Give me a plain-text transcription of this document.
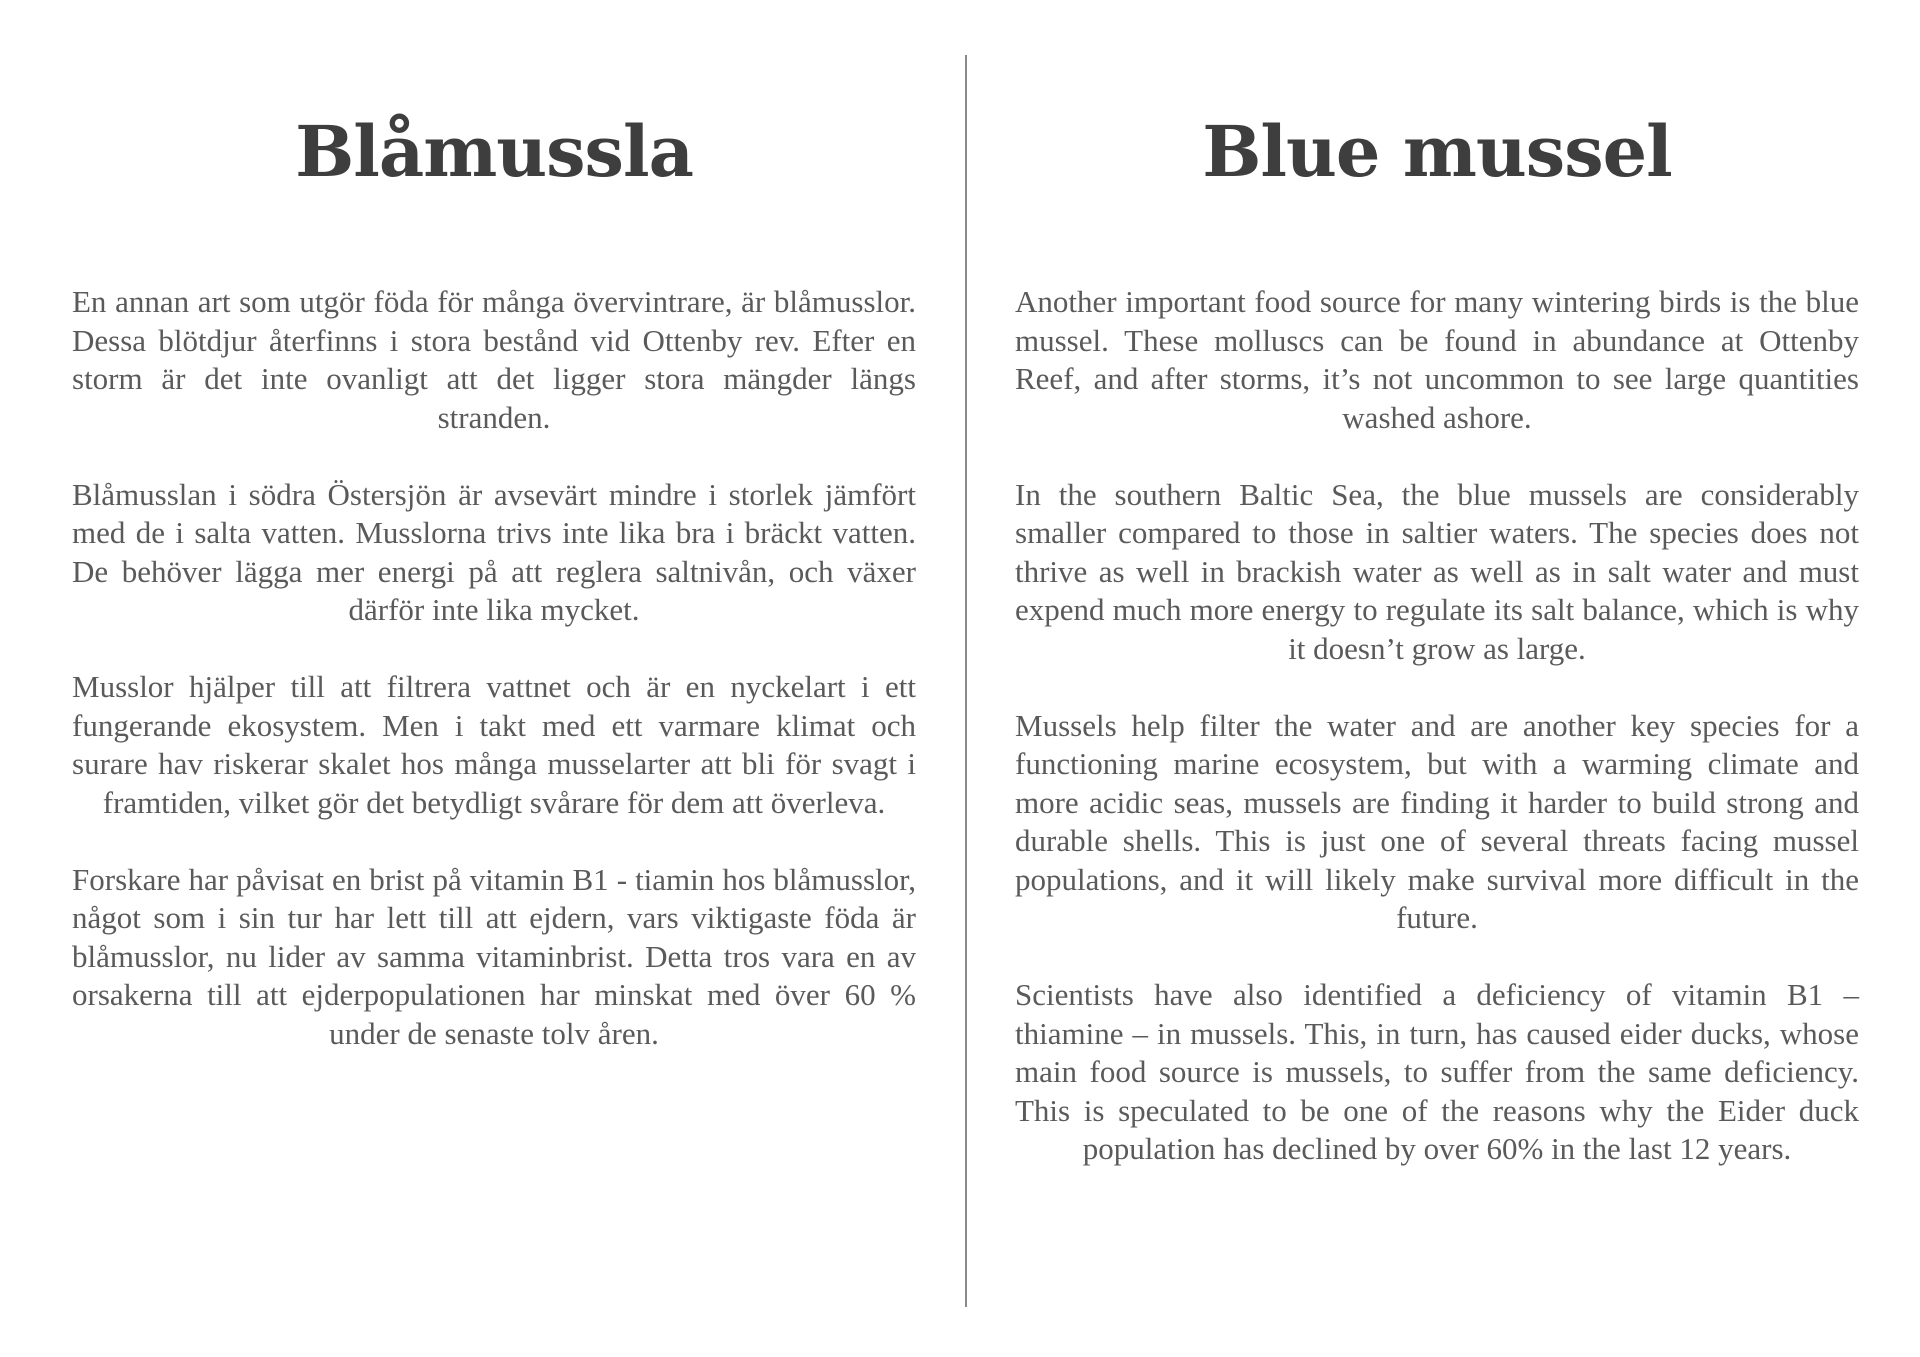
Blåmussla

En annan art som utgör föda för många övervintrare, är blåmusslor. Dessa blötdjur återfinns i stora bestånd vid Ottenby rev. Efter en storm är det inte ovanligt att det ligger stora mängder längs stranden.

Blåmusslan i södra Östersjön är avsevärt mindre i storlek jämfört med de i salta vatten. Musslorna trivs inte lika bra i bräckt vatten. De behöver lägga mer energi på att reglera saltnivån, och växer därför inte lika mycket.

Musslor hjälper till att filtrera vattnet och är en nyckelart i ett fungerande ekosystem. Men i takt med ett varmare klimat och surare hav riskerar skalet hos många musselarter att bli för svagt i framtiden, vilket gör det betydligt svårare för dem att överleva.

Forskare har påvisat en brist på vitamin B1 - tiamin hos blåmusslor, något som i sin tur har lett till att ejdern, vars viktigaste föda är blåmusslor, nu lider av samma vitaminbrist. Detta tros vara en av orsakerna till att ejderpopulationen har minskat med över 60 % under de senaste tolv åren.

Blue mussel

Another important food source for many wintering birds is the blue mussel. These molluscs can be found in abundance at Ottenby Reef, and after storms, it’s not uncommon to see large quantities washed ashore.

In the southern Baltic Sea, the blue mussels are considerably smaller compared to those in saltier waters. The species does not thrive as well in brackish water as well as in salt water and must expend much more energy to regulate its salt balance, which is why it doesn’t grow as large.

Mussels help filter the water and are another key species for a functioning marine ecosystem, but with a warming climate and more acidic seas, mussels are finding it harder to build strong and durable shells. This is just one of several threats facing mussel populations, and it will likely make survival more difficult in the future.

Scientists have also identified a deficiency of vitamin B1 – thiamine – in mussels. This, in turn, has caused eider ducks, whose main food source is mussels, to suffer from the same deficiency. This is speculated to be one of the reasons why the Eider duck population has declined by over 60% in the last 12 years.
